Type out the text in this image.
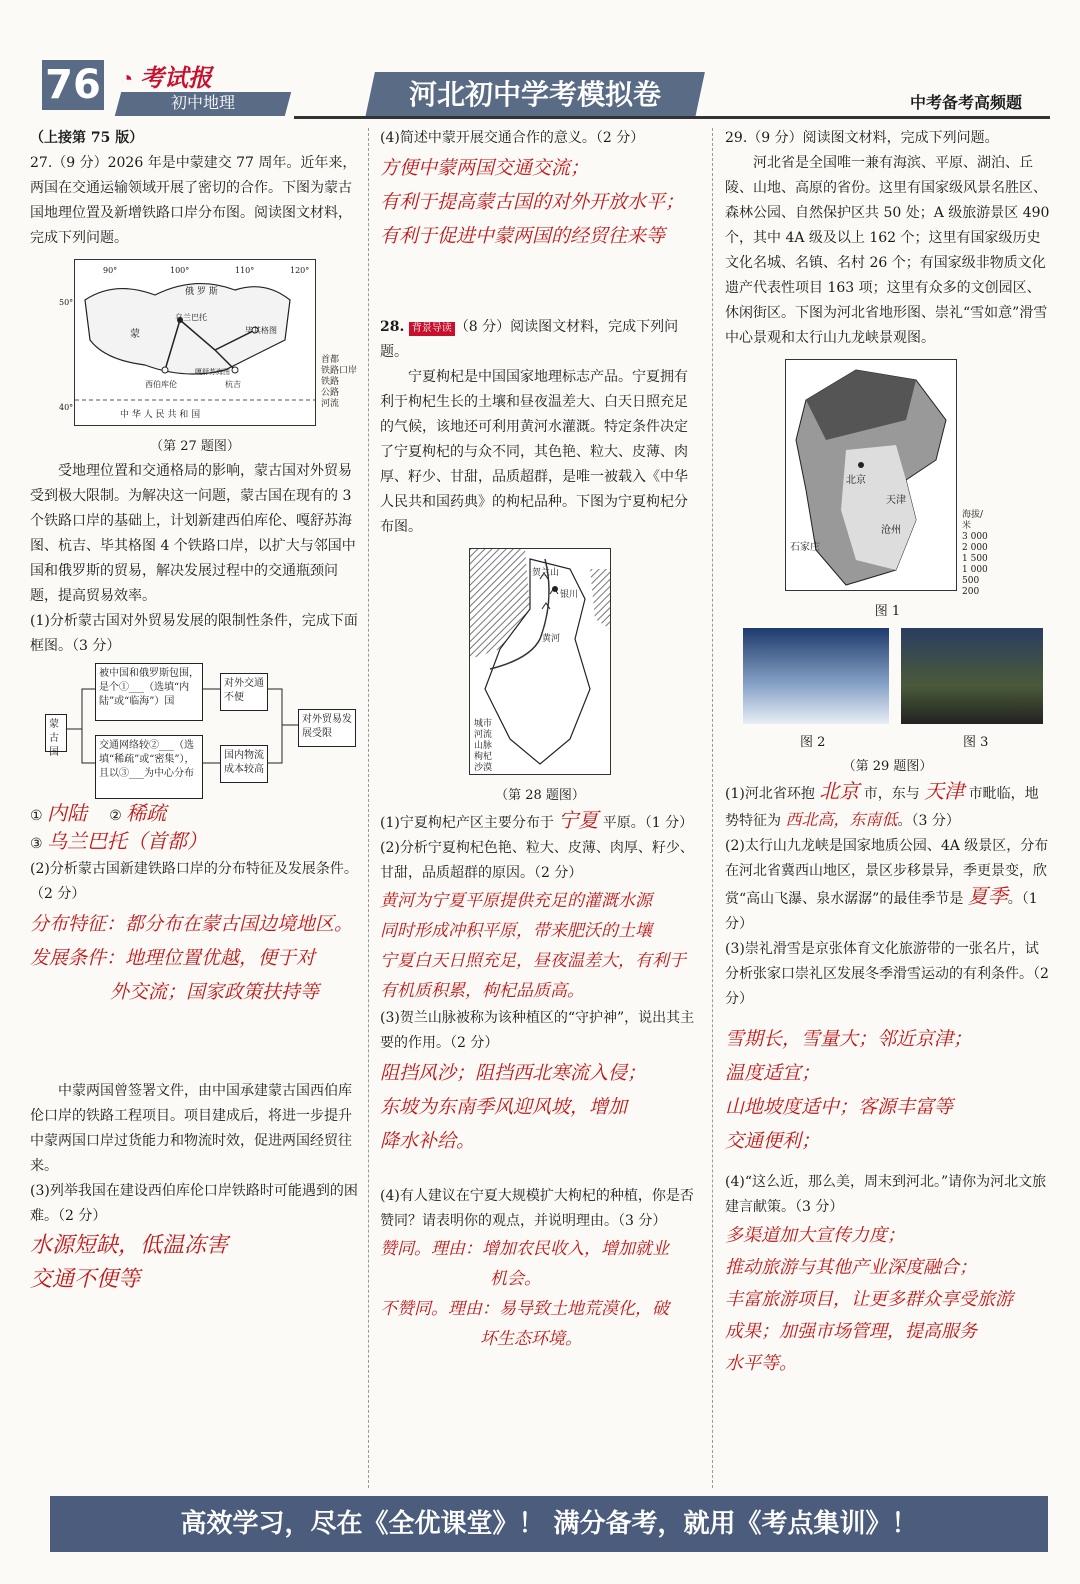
76 ◔ 考试报
初中地理	河北初中学考模拟卷	中考备考高频题

（上接第 75 版）

27.（9 分）2026 年是中蒙建交 77 周年。近年来，两国在交通运输领域开展了密切的合作。下图为蒙古国地理位置及新增铁路口岸分布图。阅读图文材料，完成下列问题。

90°	100°	110°	120°
50°
40°
俄 罗 斯
蒙
乌兰巴托
毕其格图
嘎舒苏海图
杭吉
西伯库伦
中 华 人 民 共 和 国
首都
铁路口岸
铁路
公路
河流

（第 27 题图）

受地理位置和交通格局的影响，蒙古国对外贸易受到极大限制。为解决这一问题，蒙古国在现有的 3 个铁路口岸的基础上，计划新建西伯库伦、嘎舒苏海图、杭吉、毕其格图 4 个铁路口岸，以扩大与邻国中国和俄罗斯的贸易，解决发展过程中的交通瓶颈问题，提高贸易效率。

(1)分析蒙古国对外贸易发展的限制性条件，完成下面框图。（3 分）

蒙古国
被中国和俄罗斯包围，是个①___（选填“内陆”或“临海”）国
交通网络较②___（选填“稀疏”或“密集”），且以③___为中心分布
对外交通不便
国内物流成本较高
对外贸易发展受限

① 内陆 ② 稀疏

③ 乌兰巴托（首都）

(2)分析蒙古国新建铁路口岸的分布特征及发展条件。（2 分）

分布特征：都分布在蒙古国边境地区。

发展条件：地理位置优越，便于对

外交流；国家政策扶持等

中蒙两国曾签署文件，由中国承建蒙古国西伯库伦口岸的铁路工程项目。项目建成后，将进一步提升中蒙两国口岸过货能力和物流时效，促进两国经贸往来。

(3)列举我国在建设西伯库伦口岸铁路时可能遇到的困难。（2 分）

水源短缺，低温冻害

交通不便等

(4)简述中蒙开展交通合作的意义。（2 分）

方便中蒙两国交通交流；

有利于提高蒙古国的对外开放水平；

有利于促进中蒙两国的经贸往来等

28. 背景导读 （8 分）阅读图文材料，完成下列问题。

宁夏枸杞是中国国家地理标志产品。宁夏拥有利于枸杞生长的土壤和昼夜温差大、白天日照充足的气候，该地还可利用黄河水灌溉。特定条件决定了宁夏枸杞的与众不同，其色艳、粒大、皮薄、肉厚、籽少、甘甜，品质超群，是唯一被载入《中华人民共和国药典》的枸杞品种。下图为宁夏枸杞分布图。

贺兰山
银川
黄河
城市
河流
山脉
枸杞
沙漠

（第 28 题图）

(1)宁夏枸杞产区主要分布于 宁夏 平原。（1 分）

(2)分析宁夏枸杞色艳、粒大、皮薄、肉厚、籽少、甘甜，品质超群的原因。（2 分）

黄河为宁夏平原提供充足的灌溉水源

同时形成冲积平原，带来肥沃的土壤

宁夏白天日照充足，昼夜温差大，有利于

有机质积累，枸杞品质高。

(3)贺兰山脉被称为该种植区的“守护神”，说出其主要的作用。（2 分）

阻挡风沙；阻挡西北寒流入侵；

东坡为东南季风迎风坡，增加

降水补给。

(4)有人建议在宁夏大规模扩大枸杞的种植，你是否赞同？请表明你的观点，并说明理由。（3 分）

赞同。理由：增加农民收入，增加就业

机会。

不赞同。理由：易导致土地荒漠化，破

坏生态环境。

29.（9 分）阅读图文材料，完成下列问题。

河北省是全国唯一兼有海滨、平原、湖泊、丘陵、山地、高原的省份。这里有国家级风景名胜区、森林公园、自然保护区共 50 处；A 级旅游景区 490 个，其中 4A 级及以上 162 个；这里有国家级历史文化名城、名镇、名村 26 个；有国家级非物质文化遗产代表性项目 163 项；这里有众多的文创园区、休闲街区。下图为河北省地形图、崇礼“雪如意”滑雪中心景观和太行山九龙峡景观图。

北京
天津
沧州
石家庄
海拔/米
3 000
2 000
1 500
1 000
500
200

图 1

图 2	图 3

（第 29 题图）

(1)河北省环抱 北京 市，东与 天津 市毗临，地势特征为 西北高，东南低。（3 分）

(2)太行山九龙峡是国家地质公园、4A 级景区，分布在河北省冀西山地区，景区步移景异，季更景变，欣赏“高山飞瀑、泉水潺潺”的最佳季节是 夏季。（1 分）

(3)崇礼滑雪是京张体育文化旅游带的一张名片，试分析张家口崇礼区发展冬季滑雪运动的有利条件。（2 分）

雪期长，雪量大；邻近京津；

温度适宜；

山地坡度适中；客源丰富等

交通便利；

(4)“这么近，那么美，周末到河北。”请你为河北文旅建言献策。（3 分）

多渠道加大宣传力度；

推动旅游与其他产业深度融合；

丰富旅游项目，让更多群众享受旅游

成果；加强市场管理，提高服务

水平等。

高效学习，尽在《全优课堂》！ 满分备考，就用《考点集训》！
